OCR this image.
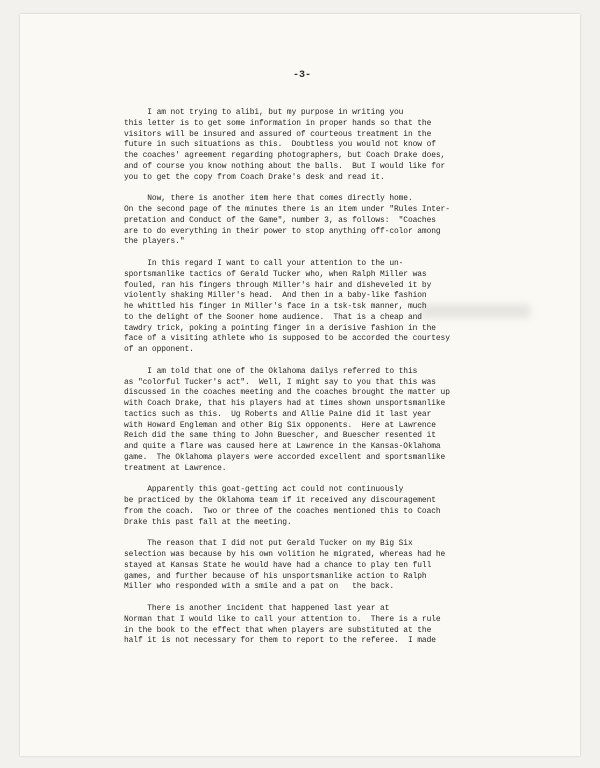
-3-
I am not trying to alibi, but my purpose in writing you
this letter is to get some information in proper hands so that the
visitors will be insured and assured of courteous treatment in the
future in such situations as this.  Doubtless you would not know of
the coaches' agreement regarding photographers, but Coach Drake does,
and of course you know nothing about the balls.  But I would like for
you to get the copy from Coach Drake's desk and read it.
Now, there is another item here that comes directly home.
On the second page of the minutes there is an item under "Rules Inter-
pretation and Conduct of the Game", number 3, as follows:  "Coaches
are to do everything in their power to stop anything off-color among
the players."
In this regard I want to call your attention to the un-
sportsmanlike tactics of Gerald Tucker who, when Ralph Miller was
fouled, ran his fingers through Miller's hair and disheveled it by
violently shaking Miller's head.  And then in a baby-like fashion
he whittled his finger in Miller's face in a tsk-tsk manner, much
to the delight of the Sooner home audience.  That is a cheap and
tawdry trick, poking a pointing finger in a derisive fashion in the
face of a visiting athlete who is supposed to be accorded the courtesy
of an opponent.
I am told that one of the Oklahoma dailys referred to this
as "colorful Tucker's act".  Well, I might say to you that this was
discussed in the coaches meeting and the coaches brought the matter up
with Coach Drake, that his players had at times shown unsportsmanlike
tactics such as this.  Ug Roberts and Allie Paine did it last year
with Howard Engleman and other Big Six opponents.  Here at Lawrence
Reich did the same thing to John Buescher, and Buescher resented it
and quite a flare was caused here at Lawrence in the Kansas-Oklahoma
game.  The Oklahoma players were accorded excellent and sportsmanlike
treatment at Lawrence.
Apparently this goat-getting act could not continuously
be practiced by the Oklahoma team if it received any discouragement
from the coach.  Two or three of the coaches mentioned this to Coach
Drake this past fall at the meeting.
The reason that I did not put Gerald Tucker on my Big Six
selection was because by his own volition he migrated, whereas had he
stayed at Kansas State he would have had a chance to play ten full
games, and further because of his unsportsmanlike action to Ralph
Miller who responded with a smile and a pat on   the back.
There is another incident that happened last year at
Norman that I would like to call your attention to.  There is a rule
in the book to the effect that when players are substituted at the
half it is not necessary for them to report to the referee.  I made
